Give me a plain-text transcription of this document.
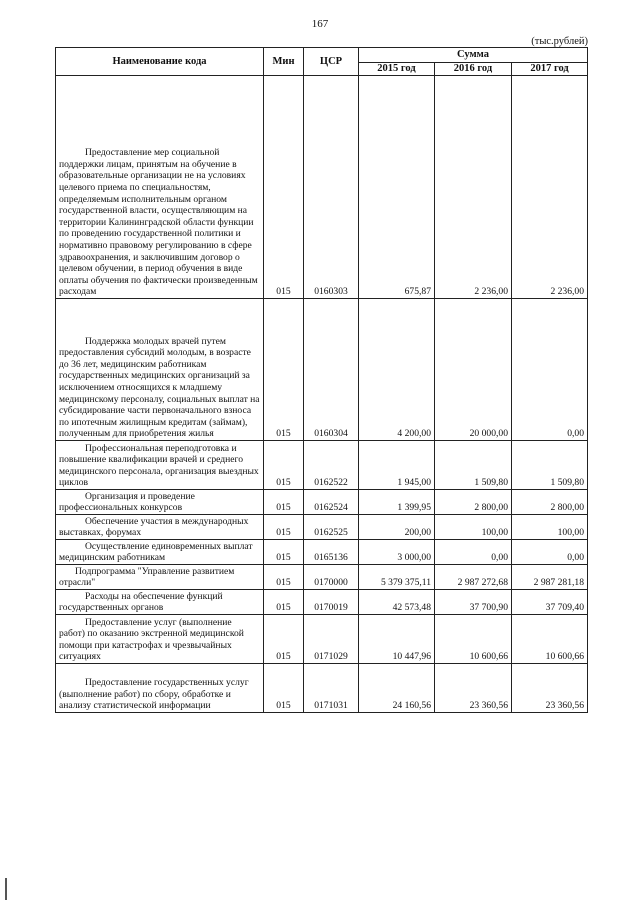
167
(тыс.рублей)
Наименование кода	Мин	ЦСР	Сумма		
			2015 год	2016 год	2017 год
Предоставление мер социальной поддержки лицам, принятым на обучение в образовательные организации не на условиях целевого приема по специальностям, определяемым исполнительным органом государственной власти, осуществляющим на территории Калининградской области функции по проведению государственной политики и нормативно правовому регулированию в сфере здравоохранения, и заключившим договор о целевом обучении, в период обучения в виде оплаты обучения по фактически произведенным расходам	015	0160303	675,87	2 236,00	2 236,00
Поддержка молодых врачей путем предоставления субсидий молодым, в возрасте до 36 лет, медицинским работникам государственных медицинских организаций за исключением относящихся к младшему медицинскому персоналу, социальных выплат на субсидирование части первоначального взноса по ипотечным жилищным кредитам (займам), полученным для приобретения жилья	015	0160304	4 200,00	20 000,00	0,00
Профессиональная переподготовка и повышение квалификации врачей и среднего медицинского персонала, организация выездных циклов	015	0162522	1 945,00	1 509,80	1 509,80
Организация и проведение профессиональных конкурсов	015	0162524	1 399,95	2 800,00	2 800,00
Обеспечение участия в международных выставках, форумах	015	0162525	200,00	100,00	100,00
Осуществление единовременных выплат медицинским работникам	015	0165136	3 000,00	0,00	0,00
Подпрограмма "Управление развитием отрасли"	015	0170000	5 379 375,11	2 987 272,68	2 987 281,18
Расходы на обеспечение функций государственных органов	015	0170019	42 573,48	37 700,90	37 709,40
Предоставление услуг (выполнение работ) по оказанию экстренной медицинской помощи при катастрофах и чрезвычайных ситуациях	015	0171029	10 447,96	10 600,66	10 600,66
Предоставление государственных услуг (выполнение работ) по сбору, обработке и анализу статистической информации	015	0171031	24 160,56	23 360,56	23 360,56
